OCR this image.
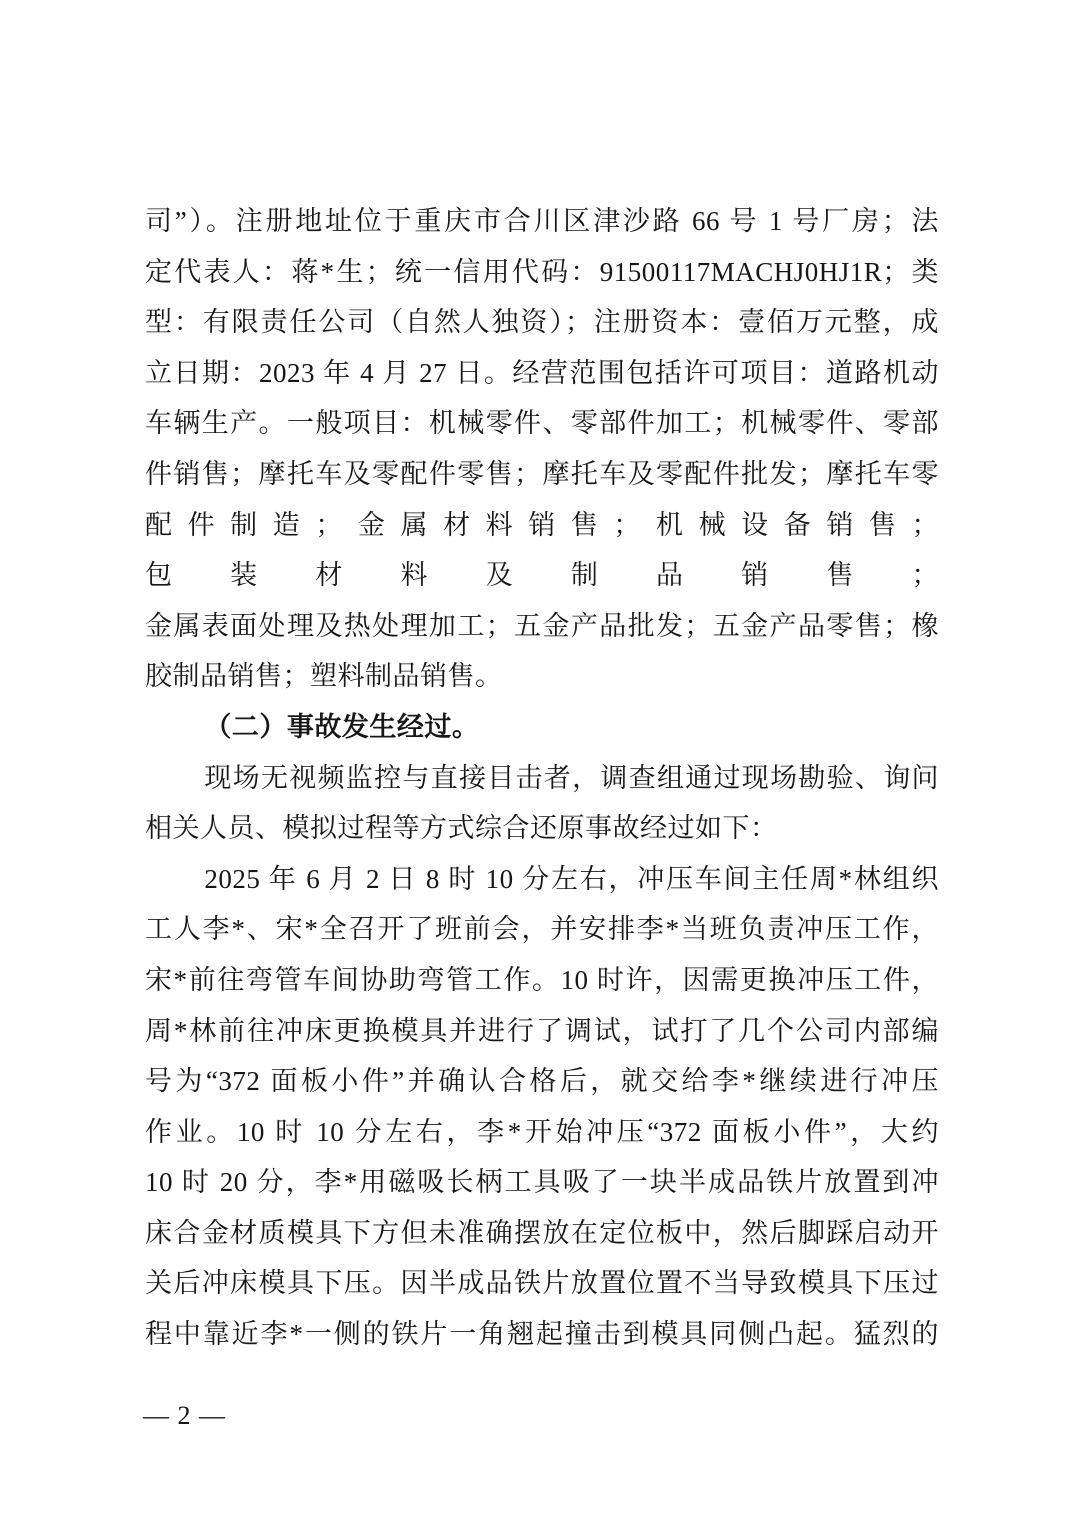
司”）。注册地址位于重庆市合川区津沙路 66 号 1 号厂房；法
定代表人：蒋*生；统一信用代码：91500117MACHJ0HJ1R；类
型：有限责任公司（自然人独资）；注册资本：壹佰万元整，成
立日期：2023 年 4 月 27 日。经营范围包括许可项目：道路机动
车辆生产。一般项目：机械零件、零部件加工；机械零件、零部
件销售；摩托车及零配件零售；摩托车及零配件批发；摩托车零
配件制造；金属材料销售；机械设备销售；包装材料及制品销售；
金属表面处理及热处理加工；五金产品批发；五金产品零售；橡
胶制品销售；塑料制品销售。
（二）事故发生经过。
现场无视频监控与直接目击者，调查组通过现场勘验、询问
相关人员、模拟过程等方式综合还原事故经过如下：
2025 年 6 月 2 日 8 时 10 分左右，冲压车间主任周*林组织
工人李*、宋*全召开了班前会，并安排李*当班负责冲压工作，
宋*前往弯管车间协助弯管工作。10 时许，因需更换冲压工件，
周*林前往冲床更换模具并进行了调试，试打了几个公司内部编
号为“372 面板小件”并确认合格后，就交给李*继续进行冲压
作业。10 时 10 分左右，李*开始冲压“372 面板小件”，大约
10 时 20 分，李*用磁吸长柄工具吸了一块半成品铁片放置到冲
床合金材质模具下方但未准确摆放在定位板中，然后脚踩启动开
关后冲床模具下压。因半成品铁片放置位置不当导致模具下压过
程中靠近李*一侧的铁片一角翘起撞击到模具同侧凸起。猛烈的
— 2 —
